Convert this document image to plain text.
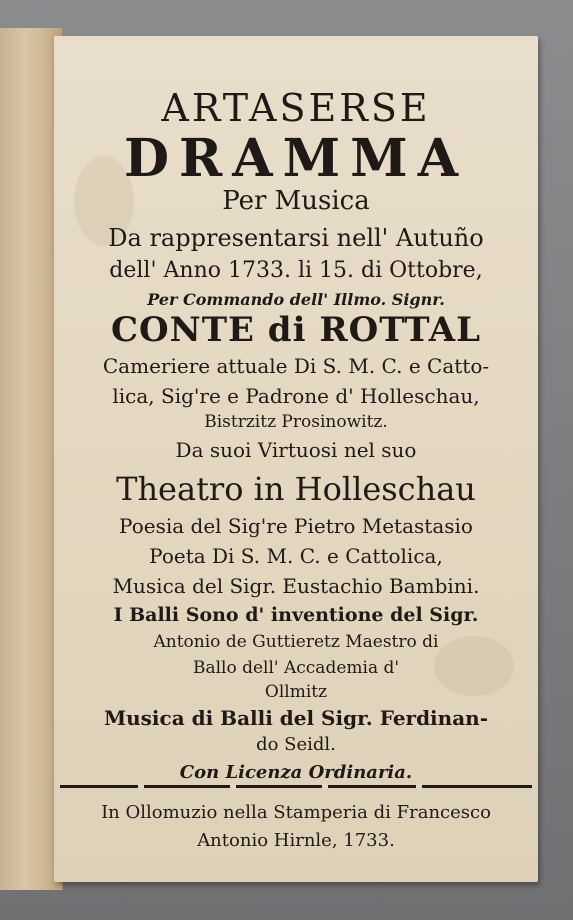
ARTASERSE
DRAMMA
Per Musica
Da rappresentarsi nell' Autuño
dell' Anno 1733. li 15. di Ottobre,
Per Commando dell' Illmo. Signr.
CONTE di ROTTAL
Cameriere attuale Di S. M. C. e Catto-
lica, Sig're e Padrone d' Holleschau,
Bistrzitz Prosinowitz.
Da suoi Virtuosi nel suo
Theatro in Holleschau
Poesia del Sig're Pietro Metastasio
Poeta Di S. M. C. e Cattolica,
Musica del Sigr. Eustachio Bambini.
I Balli Sono d' inventione del Sigr.
Antonio de Guttieretz Maestro di
Ballo dell' Accademia d'
Ollmitz
Musica di Balli del Sigr. Ferdinan-
do Seidl.
Con Licenza Ordinaria.
In Ollomuzio nella Stamperia di Francesco
Antonio Hirnle, 1733.
